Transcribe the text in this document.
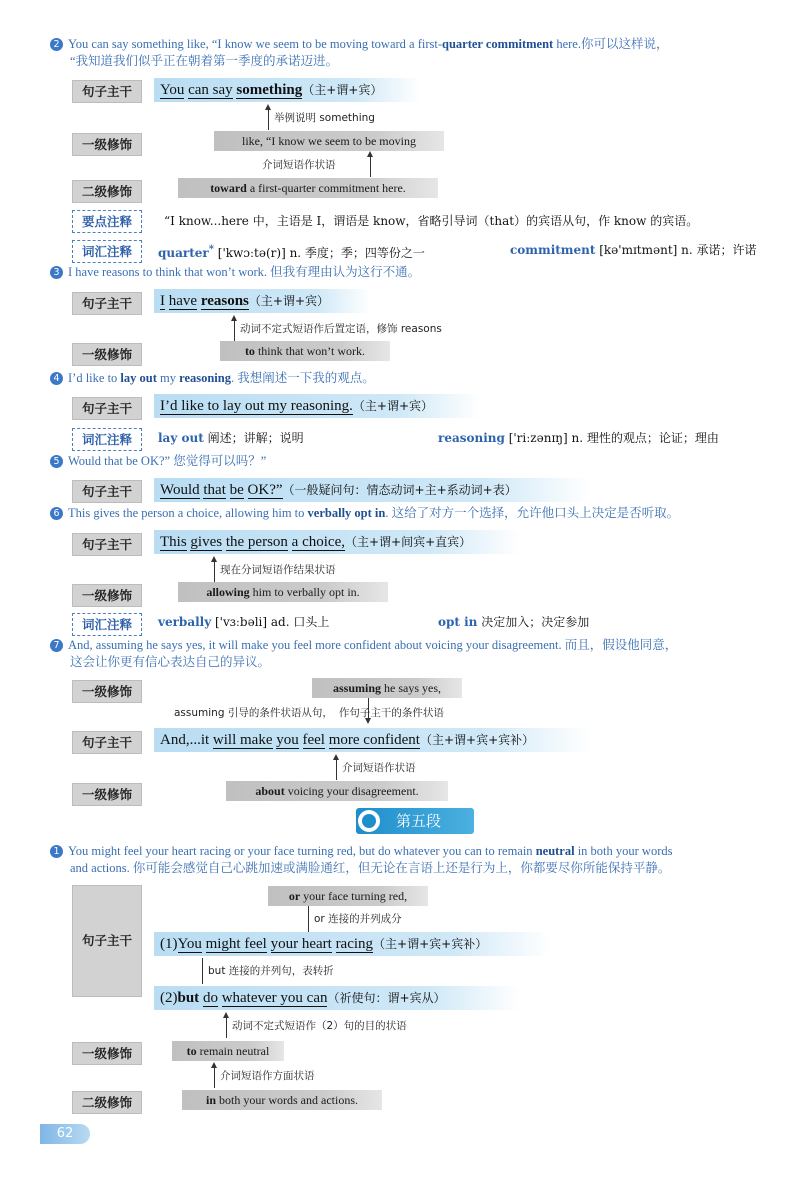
2 You can say something like, “I know we seem to be moving toward a first-quarter commitment here.你可以这样说，
“我知道我们似乎正在朝着第一季度的承诺迈进。
句子主干	You can say something（主+谓+宾）
举例说明 something
一级修饰	like, “I know we seem to be moving
介词短语作状语
二级修饰	toward a first-quarter commitment here.
要点注释	“I know...here 中，主语是 I，谓语是 know，省略引导词（that）的宾语从句，作 know 的宾语。
词汇注释	quarter* ['kwɔːtə(r)] n. 季度；季；四等份之一	commitment [kə'mɪtmənt] n. 承诺；许诺
3 I have reasons to think that won’t work. 但我有理由认为这行不通。
句子主干	I have reasons（主+谓+宾）
动词不定式短语作后置定语，修饰 reasons
一级修饰	to think that won’t work.
4 I’d like to lay out my reasoning. 我想阐述一下我的观点。
句子主干	I’d like to lay out my reasoning.（主+谓+宾）
词汇注释	lay out 阐述；讲解；说明	reasoning ['riːzənɪŋ] n. 理性的观点；论证；理由
5 Would that be OK?” 您觉得可以吗？”
句子主干	Would that be OK?”（一般疑问句：情态动词+主+系动词+表）
6 This gives the person a choice, allowing him to verbally opt in. 这给了对方一个选择，允许他口头上决定是否听取。
句子主干	This gives the person a choice,（主+谓+间宾+直宾）
现在分词短语作结果状语
一级修饰	allowing him to verbally opt in.
词汇注释	verbally ['vɜːbəli] ad. 口头上	opt in 决定加入；决定参加
7 And, assuming he says yes, it will make you feel more confident about voicing your disagreement. 而且，假设他同意，
这会让你更有信心表达自己的异议。
一级修饰	assuming he says yes,
assuming 引导的条件状语从句， 作句子主干的条件状语
句子主干	And,...it will make you feel more confident（主+谓+宾+宾补）
介词短语作状语
一级修饰	about voicing your disagreement.
第五段
1 You might feel your heart racing or your face turning red, but do whatever you can to remain neutral in both your words
and actions. 你可能会感觉自己心跳加速或满脸通红，但无论在言语上还是行为上，你都要尽你所能保持平静。
句子主干
or your face turning red,
or 连接的并列成分
(1)You might feel your heart racing（主+谓+宾+宾补）
but 连接的并列句，表转折
(2)but do whatever you can（祈使句：谓+宾从）
动词不定式短语作（2）句的目的状语
一级修饰	to remain neutral
介词短语作方面状语
二级修饰	in both your words and actions.
62
